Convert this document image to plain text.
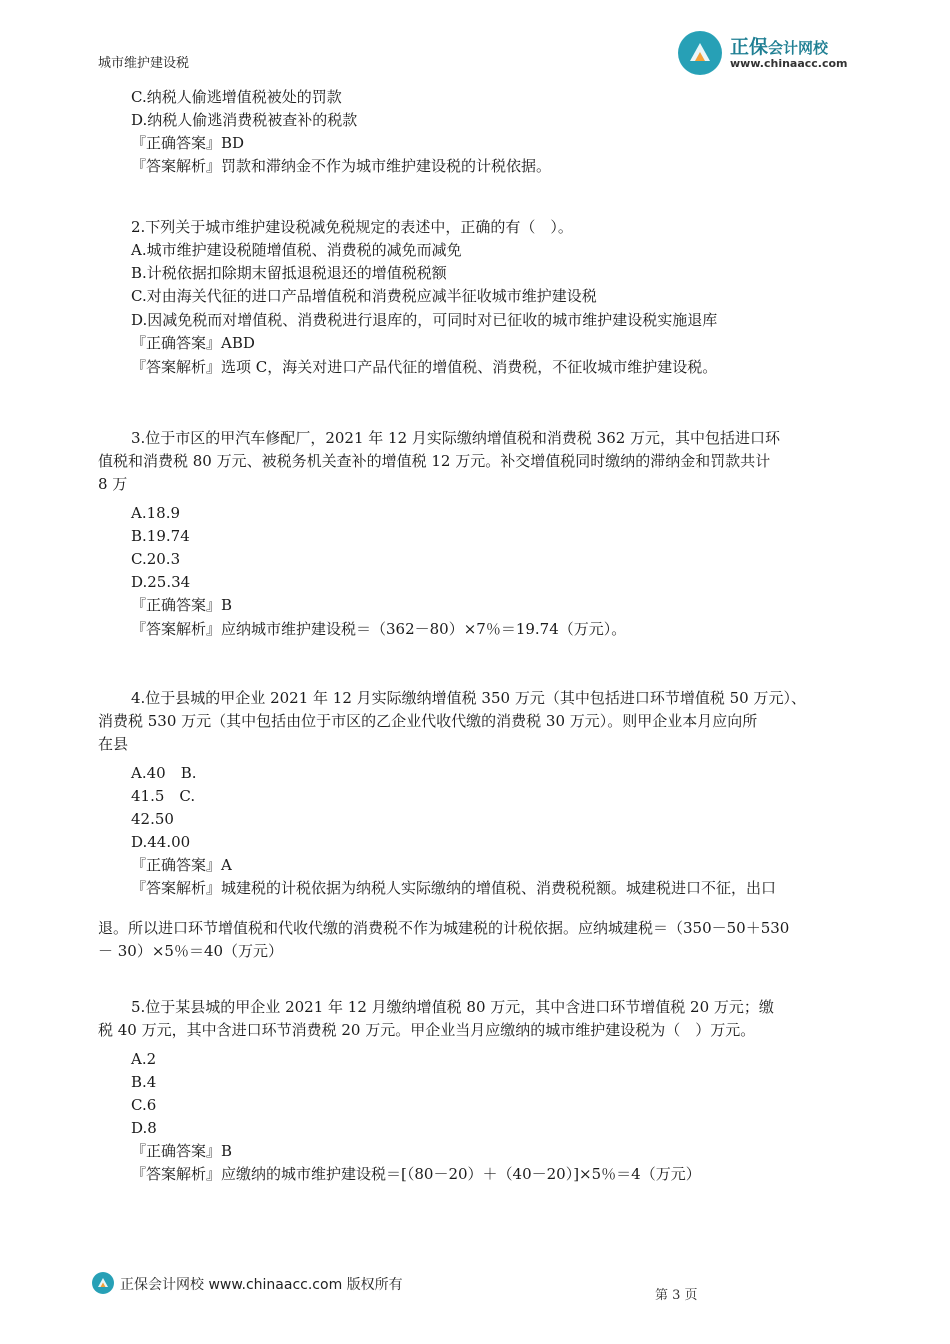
正保会计网校
www.chinaacc.com
城市维护建设税
C.纳税人偷逃增值税被处的罚款
D.纳税人偷逃消费税被查补的税款
『正确答案』BD
『答案解析』罚款和滞纳金不作为城市维护建设税的计税依据。
2.下列关于城市维护建设税减免税规定的表述中，正确的有（　）。
A.城市维护建设税随增值税、消费税的减免而减免
B.计税依据扣除期末留抵退税退还的增值税税额
C.对由海关代征的进口产品增值税和消费税应减半征收城市维护建设税
D.因减免税而对增值税、消费税进行退库的，可同时对已征收的城市维护建设税实施退库
『正确答案』ABD
『答案解析』选项 C，海关对进口产品代征的增值税、消费税，不征收城市维护建设税。
3.位于市区的甲汽车修配厂，2021 年 12 月实际缴纳增值税和消费税 362 万元，其中包括进口环
值税和消费税 80 万元、被税务机关查补的增值税 12 万元。补交增值税同时缴纳的滞纳金和罚款共计
8 万
A.18.9
B.19.74
C.20.3
D.25.34
『正确答案』B
『答案解析』应纳城市维护建设税＝（362－80）×7％＝19.74（万元）。
4.位于县城的甲企业 2021 年 12 月实际缴纳增值税 350 万元（其中包括进口环节增值税 50 万元）、
消费税 530 万元（其中包括由位于市区的乙企业代收代缴的消费税 30 万元）。则甲企业本月应向所
在县
A.40　B.
41.5　C.
42.50
D.44.00
『正确答案』A
『答案解析』城建税的计税依据为纳税人实际缴纳的增值税、消费税税额。城建税进口不征，出口
退。所以进口环节增值税和代收代缴的消费税不作为城建税的计税依据。应纳城建税＝（350－50＋530
－ 30）×5％＝40（万元）
5.位于某县城的甲企业 2021 年 12 月缴纳增值税 80 万元，其中含进口环节增值税 20 万元；缴
税 40 万元，其中含进口环节消费税 20 万元。甲企业当月应缴纳的城市维护建设税为（　）万元。
A.2
B.4
C.6
D.8
『正确答案』B
『答案解析』应缴纳的城市维护建设税＝[（80－20）＋（40－20）]×5％＝4（万元）
正保会计网校 www.chinaacc.com 版权所有
第 3 页
